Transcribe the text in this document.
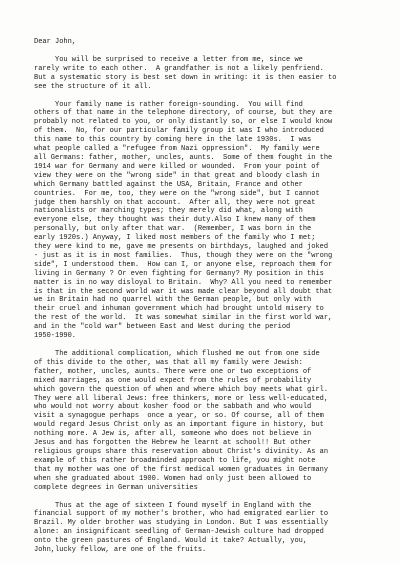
Dear John,
You will be surprised to receive a letter from me, since we
rarely write to each other.  A grandfather is not a likely penfriend.
But a systematic story is best set down in writing: it is then easier to
see the structure of it all.
Your family name is rather foreign-sounding.  You will find
others of that name in the telephone directory, of course, but they are
probably not related to you, or only distantly so, or else I would know
of them.  No, for our particular family group it was I who introduced
this name to this country by coming here in the late 1930s.  I was
what people called a "refugee from Nazi oppression".  My family were
all Germans: father, mother, uncles, aunts.  Some of them fought in the
1914 war for Germany and were killed or wounded.  From your point of
view they were on the "wrong side" in that great and bloody clash in
which Germany battled against the USA, Britain, France and other
countries.  For me, too, they were on the "wrong side", but I cannot
judge them harshly on that account.  After all, they were not great
nationalists or marching types; they merely did what, along with
everyone else, they thought was their duty.Also I knew many of them
personally, but only after that war.  (Remember, I was born in the
early 1920s.) Anyway, I liked most members of the family who I met;
they were kind to me, gave me presents on birthdays, laughed and joked
- just as it is in most families.  Thus, though they were on the "wrong
side", I understood them.  How can I, or anyone else, reproach them for
living in Germany ? Or even fighting for Germany? My position in this
matter is in no way disloyal to Britain.  Why? All you need to remember
is that in the second world war it was made clear beyond all doubt that
we in Britain had no quarrel with the German people, but only with
their cruel and inhuman government which had brought untold misery to
the rest of the world.  It was somewhat similar in the first world war,
and in the "cold war" between East and West during the period
1950-1990.
The additional complication, which flushed me out from one side
of this divide to the other, was that all my family were Jewish:
father, mother, uncles, aunts. There were one or two exceptions of
mixed marriages, as one would expect from the rules of probability
which govern the question of when and where which boy meets what girl.
They were all liberal Jews: free thinkers, more or less well-educated,
who would not worry about kosher food or the sabbath and who would
visit a synagogue perhaps  once a year, or so. Of course, all of them
would regard Jesus Christ only as an important figure in history, but
nothing more. A Jew is, after all, someone who does not believe in
Jesus and has forgotten the Hebrew he learnt at school!! But other
religious groups share this reservation about Christ's divinity. As an
example of this rather broadminded approach to life, you might note
that my mother was one of the first medical women graduates in Germany
when she graduated about 1900. Women had only just been allowed to
complete degrees in German universities
Thus at the age of sixteen I found myself in England with the
financial support of my mother's brother, who had emigrated earlier to
Brazil. My older brother was studying in London. But I was essentially
alone: an insignificant seedling of German-Jewish culture had dropped
onto the green pastures of England. Would it take? Actually, you,
John,lucky fellow, are one of the fruits.
